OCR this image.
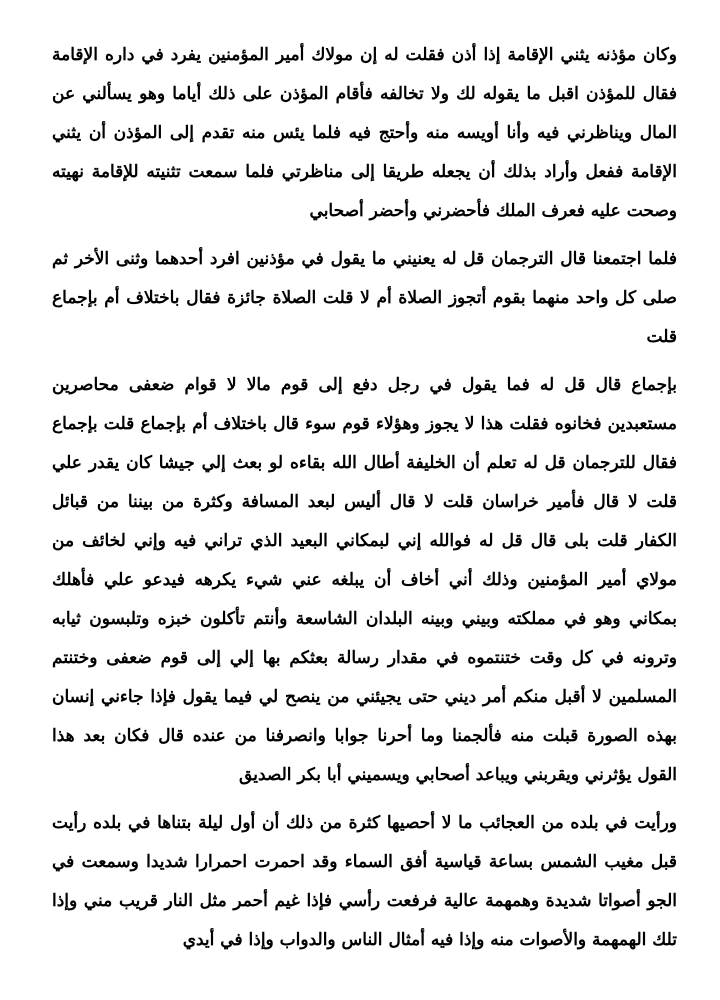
وكان مؤذنه يثني الإقامة إذا أذن فقلت له إن مولاك أمير المؤمنين يفرد في داره الإقامة فقال للمؤذن اقبل ما يقوله لك ولا تخالفه فأقام المؤذن على ذلك أياما وهو يسألني عن المال ويناظرني فيه وأنا أويسه منه وأحتج فيه فلما يئس منه تقدم إلى المؤذن أن يثني الإقامة ففعل وأراد بذلك أن يجعله طريقا إلى مناظرتي فلما سمعت تثنيته للإقامة نهيته وصحت عليه فعرف الملك فأحضرني وأحضر أصحابي

فلما اجتمعنا قال الترجمان قل له يعنيني ما يقول في مؤذنين افرد أحدهما وثنى الأخر ثم صلى كل واحد منهما بقوم أتجوز الصلاة أم لا قلت الصلاة جائزة فقال باختلاف أم بإجماع قلت

بإجماع قال قل له فما يقول في رجل دفع إلى قوم مالا لا قوام ضعفى محاصرين مستعبدين فخانوه فقلت هذا لا يجوز وهؤلاء قوم سوء قال باختلاف أم بإجماع قلت بإجماع فقال للترجمان قل له تعلم أن الخليفة أطال الله بقاءه لو بعث إلي جيشا كان يقدر علي قلت لا قال فأمير خراسان قلت لا قال أليس لبعد المسافة وكثرة من بيننا من قبائل الكفار قلت بلى قال قل له فوالله إني لبمكاني البعيد الذي تراني فيه وإني لخائف من مولاي أمير المؤمنين وذلك أني أخاف أن يبلغه عني شيء يكرهه فيدعو علي فأهلك بمكاني وهو في مملكته وبيني وبينه البلدان الشاسعة وأنتم تأكلون خبزه وتلبسون ثيابه وترونه في كل وقت ختنتموه في مقدار رسالة بعثكم بها إلي إلى قوم ضعفى وختنتم المسلمين لا أقبل منكم أمر ديني حتى يجيئني من ينصح لي فيما يقول فإذا جاءني إنسان بهذه الصورة قبلت منه فألجمنا وما أحرنا جوابا وانصرفنا من عنده قال فكان بعد هذا القول يؤثرني ويقربني ويباعد أصحابي ويسميني أبا بكر الصديق

ورأيت في بلده من العجائب ما لا أحصيها كثرة من ذلك أن أول ليلة بتناها في بلده رأيت قبل مغيب الشمس بساعة قياسية أفق السماء وقد احمرت احمرارا شديدا وسمعت في الجو أصواتا شديدة وهمهمة عالية فرفعت رأسي فإذا غيم أحمر مثل النار قريب مني وإذا تلك الهمهمة والأصوات منه وإذا فيه أمثال الناس والدواب وإذا في أيدي
